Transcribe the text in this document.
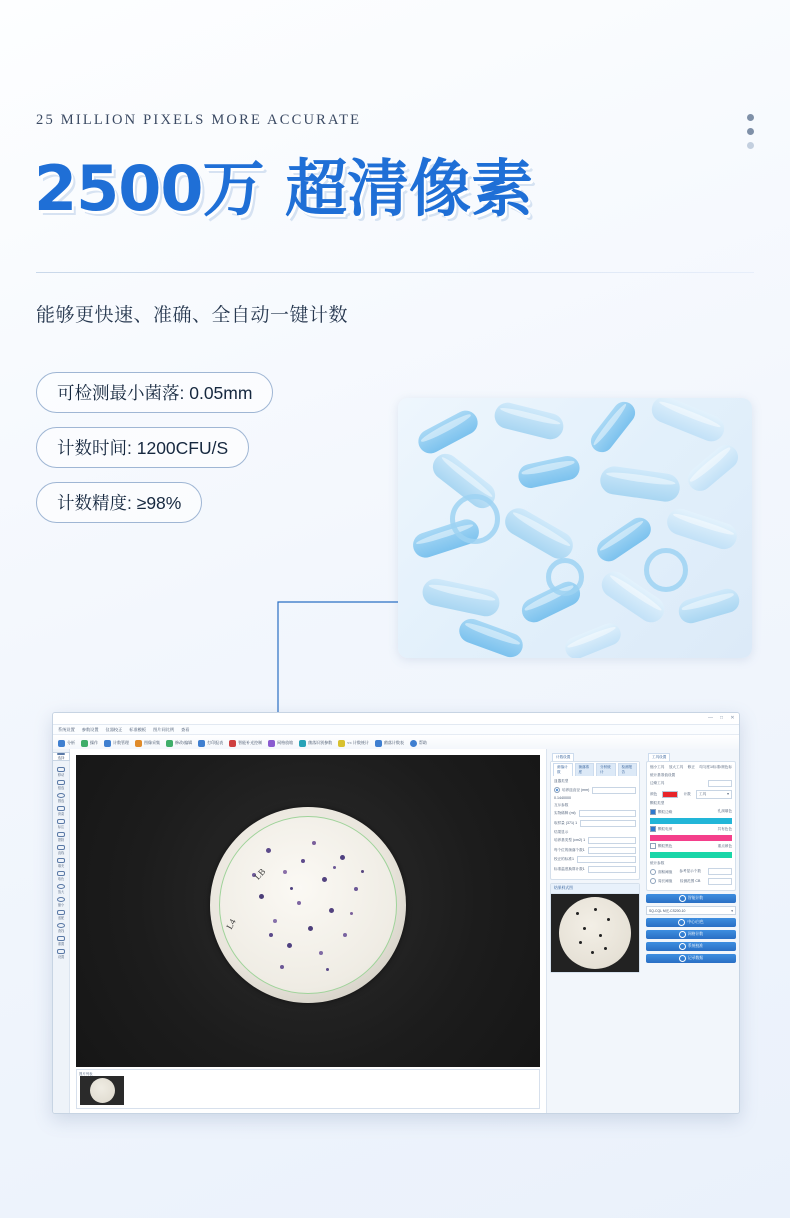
25 MILLION PIXELS MORE ACCURATE
2500万 超清像素
能够更快速、准确、全自动一键计数
可检测最小菌落: 0.05mm
计数时间: 1200CFU/S
计数精度: ≥98%
— □ ✕
系统设置 参数设置 仪器校正 标准模板 图片同比例 查看
分析	操作	计数管理	图像采集	修改/编辑	打印报表	智能补光控制	网格放缩	菌落识别参数	<< 计数统计	菌落计数表	帮助
选择
移动
框选
圆选
套索
标注
擦除
直线
填充
取色
放大
缩小
适配
查找
重置
设置
L4
LB
图片列表
计数设置
菌落计数
菌落浓度
分析统计
检测报告
皿器类型
培养皿直径 (mm)
0.1440000
互斥参数
实物稀释 (ml)
取样量 (371) 1
结果显示
培养基类型 (cm2) 1
每个位的菌落个数1
校正的标准1
标准温度换算计数1
结果样式图
工具设置
缩小工具 放大工具 修正 均匀度1/标准/颜色标
统计基准值设置
边缘工具
颜色	计数 工具	▾
颗粒类型
颗粒边缘	孔洞填色
颗粒电荷	共有色色
颗粒黑色	重点颜色
统计参数
面积阈值 参考显示个数
周长阈值 检测范围 CB
智能计数
SQ-CQL M光-CS200-10	▾
中心/白色
网格计数
系统校准
记录数据
